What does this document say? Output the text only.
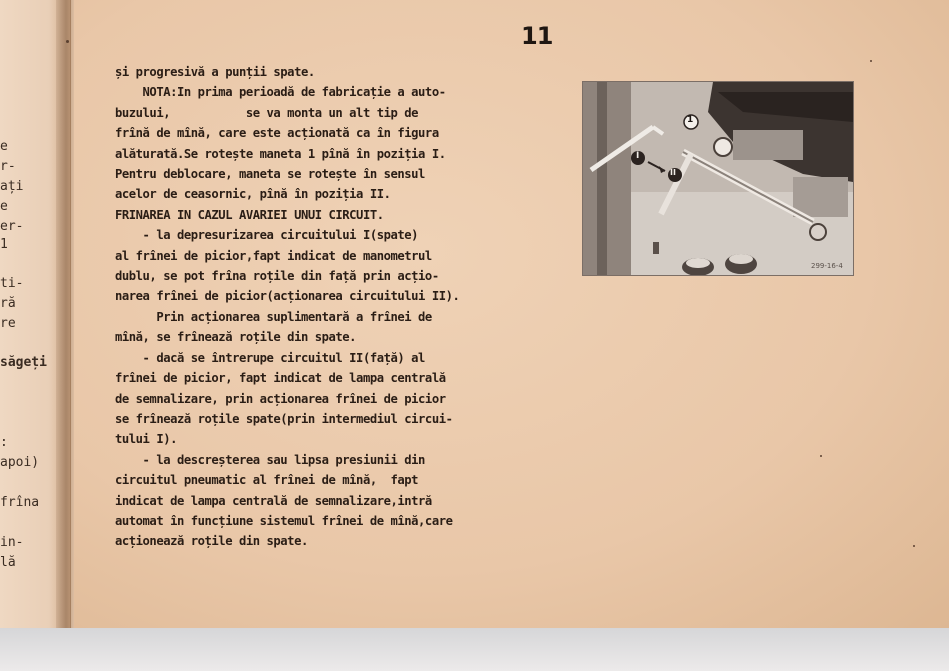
e
r-
ați
e
er-
1
ti-
ră
re
săgeți
:
apoi)
frîna
in-
lă
11
și progresivă a punții spate.
NOTA:In prima perioadă de fabricație a auto-
buzului,           se va monta un alt tip de
frînă de mînă, care este acționată ca în figura
alăturată.Se rotește maneta 1 pînă în poziția I.
Pentru deblocare, maneta se rotește în sensul
acelor de ceasornic, pînă în poziția II.
FRINAREA IN CAZUL AVARIEI UNUI CIRCUIT.
- la depresurizarea circuitului I(spate)
al frînei de picior,fapt indicat de manometrul
dublu, se pot frîna roțile din față prin acțio-
narea frînei de picior(acționarea circuitului II).
Prin acționarea suplimentară a frînei de
mînă, se frînează roțile din spate.
- dacă se întrerupe circuitul II(față) al
frînei de picior, fapt indicat de lampa centrală
de semnalizare, prin acționarea frînei de picior
se frînează roțile spate(prin intermediul circui-
tului I).
- la descreșterea sau lipsa presiunii din
circuitul pneumatic al frînei de mînă,  fapt
indicat de lampa centrală de semnalizare,intră
automat în funcțiune sistemul frînei de mînă,care
acționează roțile din spate.
1
I
II
299-16-4
